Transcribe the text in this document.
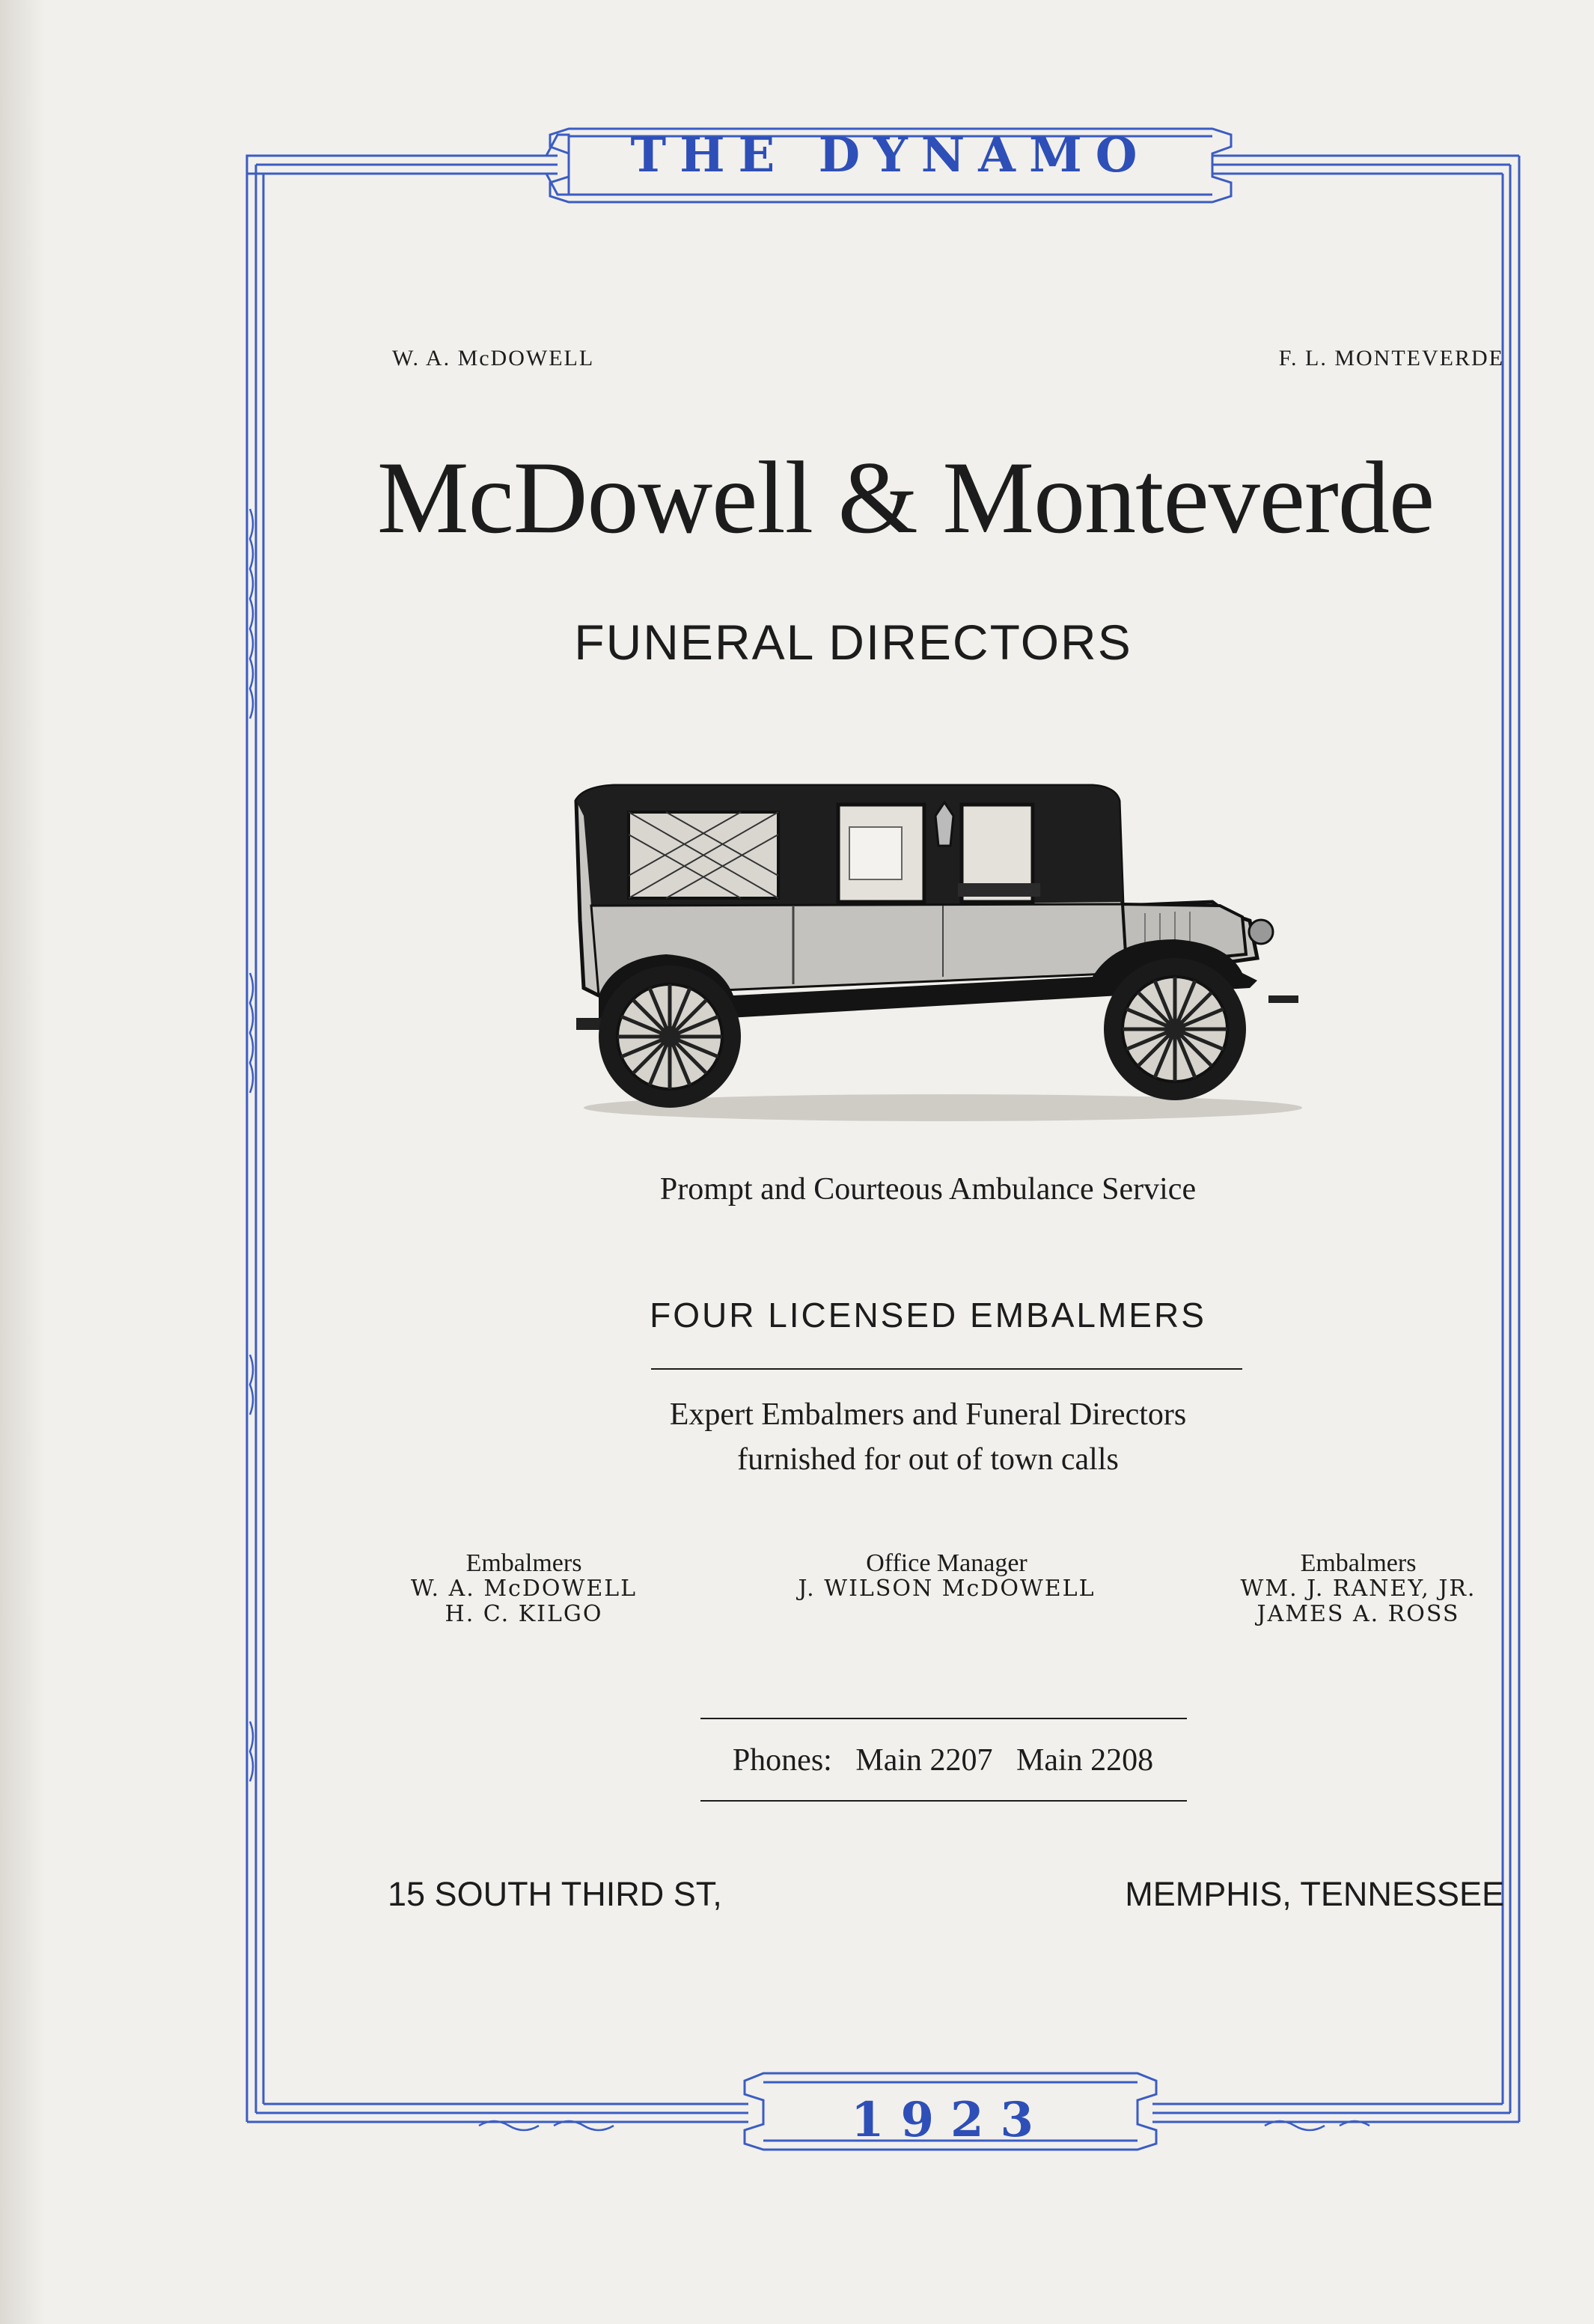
THE DYNAMO
W. A. McDOWELL	F. L. MONTEVERDE
McDowell & Monteverde
FUNERAL DIRECTORS
Prompt and Courteous Ambulance Service
FOUR LICENSED EMBALMERS
Expert Embalmers and Funeral Directors
furnished for out of town calls
Embalmers
W. A. McDOWELL
H. C. KILGO
Office Manager
J. WILSON McDOWELL
Embalmers
WM. J. RANEY, JR.
JAMES A. ROSS
Phones: Main 2207 Main 2208
15 SOUTH THIRD ST,	MEMPHIS, TENNESSEE
1923
